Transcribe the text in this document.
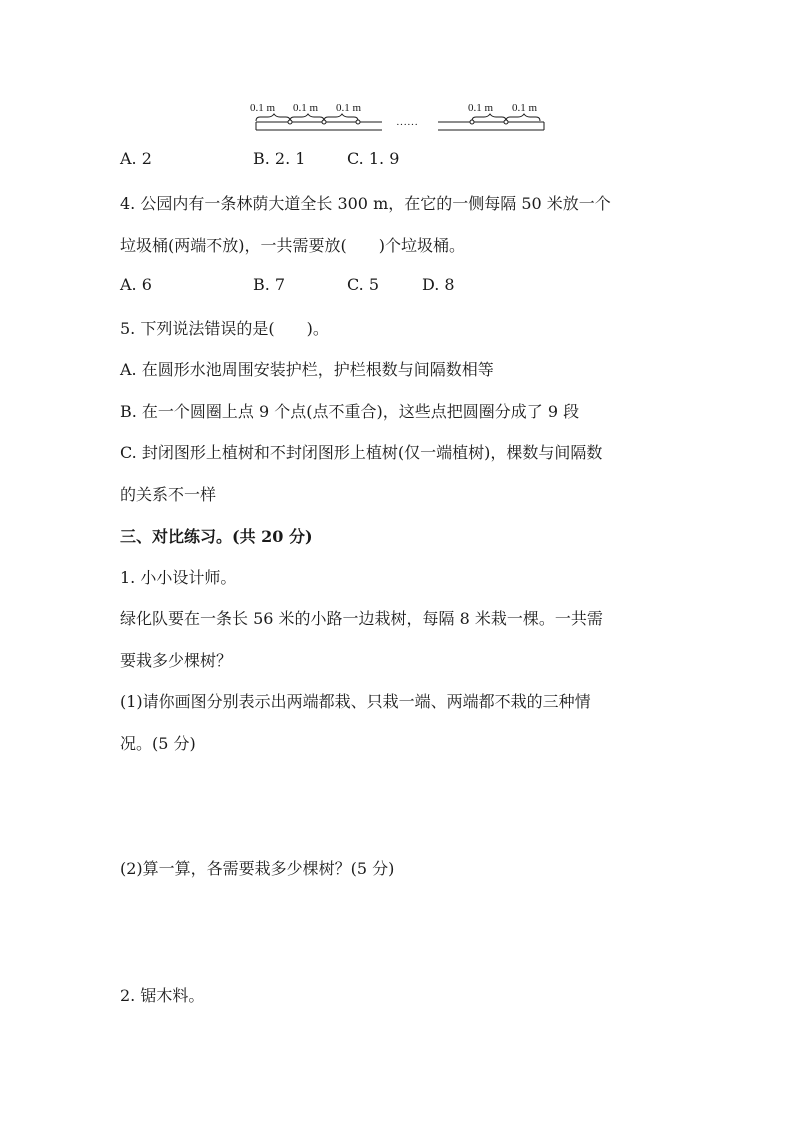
0.1 m 0.1 m 0.1 m	0.1 m 0.1 m
······
A. 2	B. 2. 1	C. 1. 9
4. 公园内有一条林荫大道全长 300 m，在它的一侧每隔 50 米放一个
垃圾桶(两端不放)，一共需要放(　　)个垃圾桶。
A. 6	B. 7	C. 5	D. 8
5. 下列说法错误的是(　　)。
A. 在圆形水池周围安装护栏，护栏根数与间隔数相等
B. 在一个圆圈上点 9 个点(点不重合)，这些点把圆圈分成了 9 段
C. 封闭图形上植树和不封闭图形上植树(仅一端植树)，棵数与间隔数
的关系不一样
三、对比练习。(共 20 分)
1. 小小设计师。
绿化队要在一条长 56 米的小路一边栽树，每隔 8 米栽一棵。一共需
要栽多少棵树？
(1)请你画图分别表示出两端都栽、只栽一端、两端都不栽的三种情
况。(5 分)
(2)算一算，各需要栽多少棵树？(5 分)
2. 锯木料。
